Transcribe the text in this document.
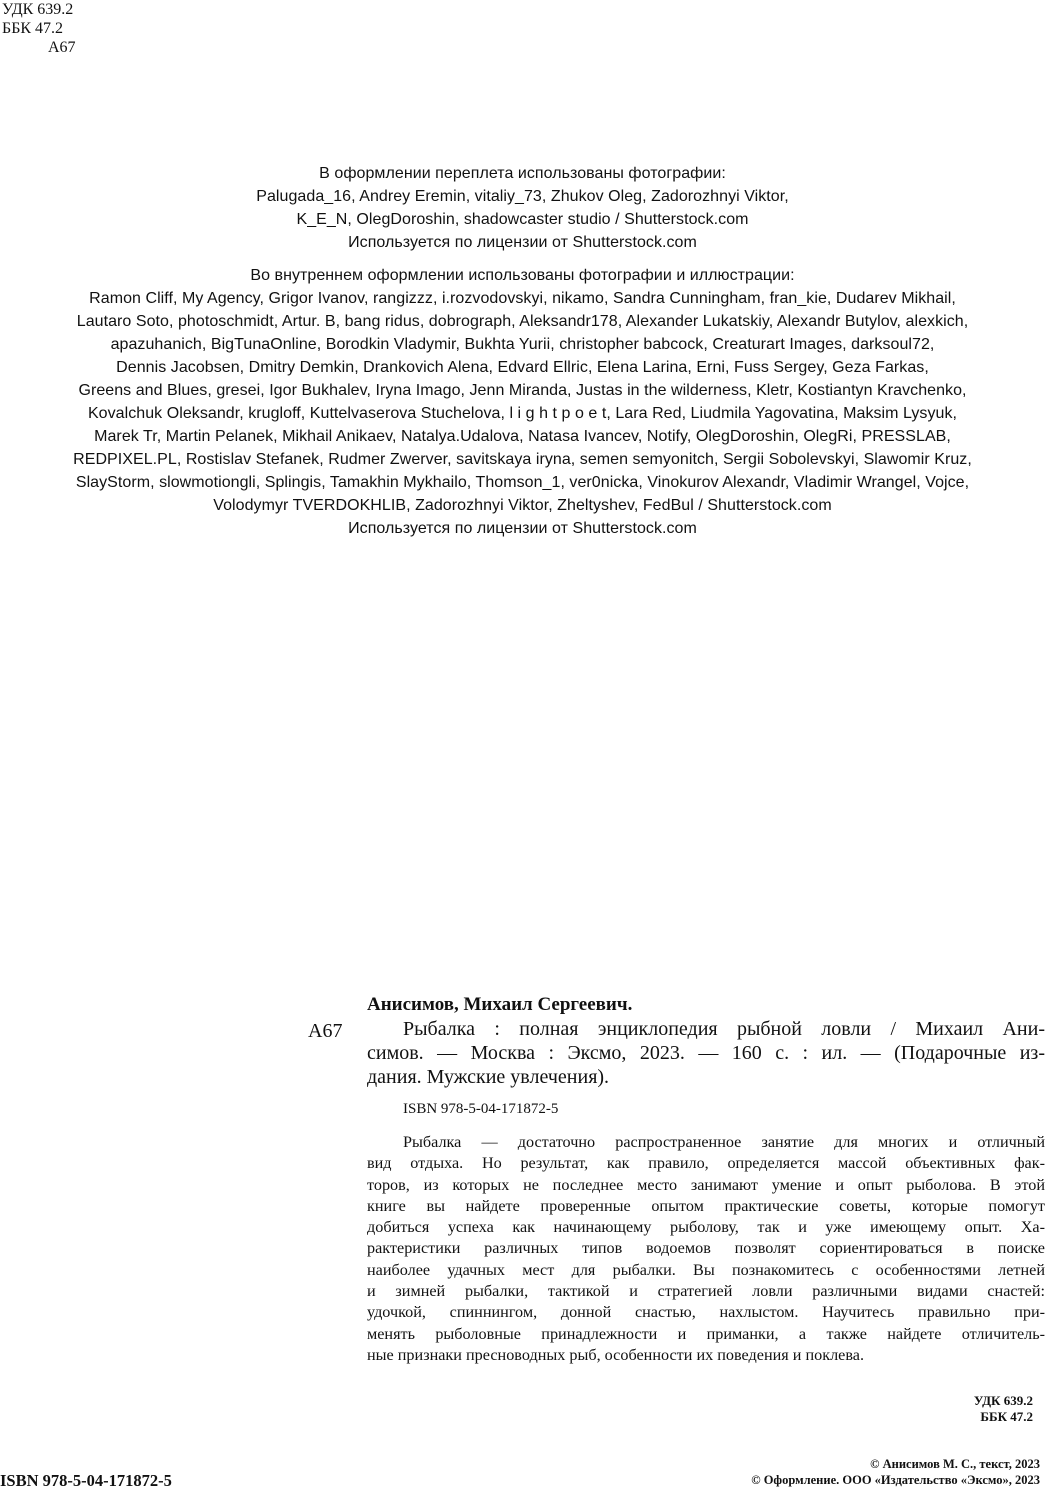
УДК 639.2
ББК 47.2
А67
В оформлении переплета использованы фотографии:
Palugada_16, Andrey Eremin, vitaliy_73, Zhukov Oleg, Zadorozhnyi Viktor,
K_E_N, OlegDoroshin, shadowcaster studio / Shutterstock.com
Используется по лицензии от Shutterstock.com
Во внутреннем оформлении использованы фотографии и иллюстрации:
Ramon Cliff, My Agency, Grigor Ivanov, rangizzz, i.rozvodovskyi, nikamo, Sandra Cunningham, fran_kie, Dudarev Mikhail,
Lautaro Soto, photoschmidt, Artur. B, bang ridus, dobrograph, Aleksandr178, Alexander Lukatskiy, Alexandr Butylov, alexkich,
apazuhanich, BigTunaOnline, Borodkin Vladymir, Bukhta Yurii, christopher babcock, Creaturart Images, darksoul72,
Dennis Jacobsen, Dmitry Demkin, Drankovich Alena, Edvard Ellric, Elena Larina, Erni, Fuss Sergey, Geza Farkas,
Greens and Blues, gresei, Igor Bukhalev, Iryna Imago, Jenn Miranda, Justas in the wilderness, Kletr, Kostiantyn Kravchenko,
Kovalchuk Oleksandr, krugloff, Kuttelvaserova Stuchelova, l i g h t p o e t, Lara Red, Liudmila Yagovatina, Maksim Lysyuk,
Marek Tr, Martin Pelanek, Mikhail Anikaev, Natalya.Udalova, Natasa Ivancev, Notify, OlegDoroshin, OlegRi, PRESSLAB,
REDPIXEL.PL, Rostislav Stefanek, Rudmer Zwerver, savitskaya iryna, semen semyonitch, Sergii Sobolevskyi, Slawomir Kruz,
SlayStorm, slowmotiongli, Splingis, Tamakhin Mykhailo, Thomson_1, ver0nicka, Vinokurov Alexandr, Vladimir Wrangel, Vojce,
Volodymyr TVERDOKHLIB, Zadorozhnyi Viktor, Zheltyshev, FedBul / Shutterstock.com
Используется по лицензии от Shutterstock.com
А67
Анисимов, Михаил Сергеевич.
Рыбалка : полная энциклопедия рыбной ловли / Михаил Ани-
симов. — Москва : Эксмо, 2023. — 160 с. : ил. — (Подарочные из-
дания. Мужские увлечения).
ISBN 978-5-04-171872-5
Рыбалка — достаточно распространенное занятие для многих и отличный
вид отдыха. Но результат, как правило, определяется массой объективных фак-
торов, из которых не последнее место занимают умение и опыт рыболова. В этой
книге вы найдете проверенные опытом практические советы, которые помогут
добиться успеха как начинающему рыболову, так и уже имеющему опыт. Ха-
рактеристики различных типов водоемов позволят сориентироваться в поиске
наиболее удачных мест для рыбалки. Вы познакомитесь с особенностями летней
и зимней рыбалки, тактикой и стратегией ловли различными видами снастей:
удочкой, спиннингом, донной снастью, нахлыстом. Научитесь правильно при-
менять рыболовные принадлежности и приманки, а также найдете отличитель-
ные признаки пресноводных рыб, особенности их поведения и поклева.
УДК 639.2
ББК 47.2
ISBN 978-5-04-171872-5
© Анисимов М. С., текст, 2023
© Оформление. ООО «Издательство «Эксмо», 2023
